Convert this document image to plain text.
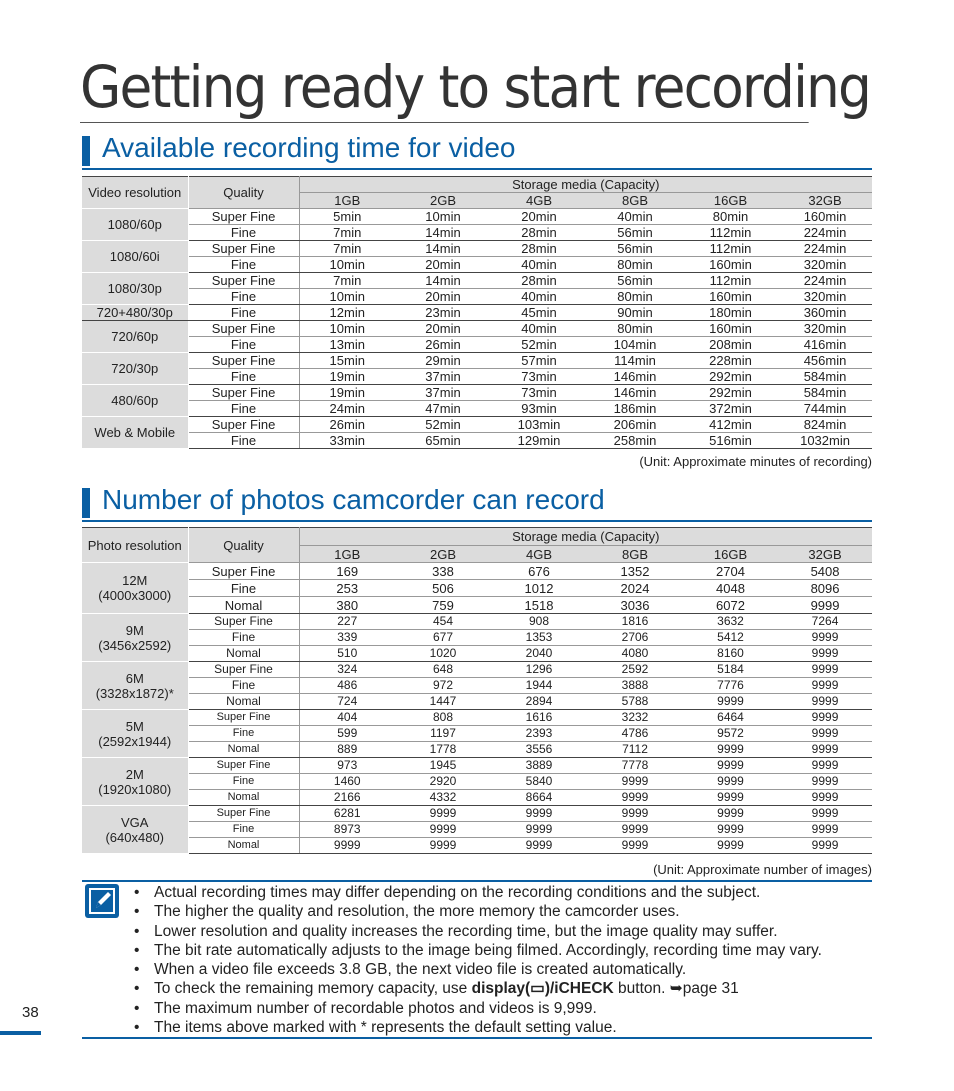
Getting ready to start recording
Available recording time for video
Video resolution	Quality	Storage media (Capacity)					
		1GB	2GB	4GB	8GB	16GB	32GB

1080/60p	Super Fine	5min	10min	20min	40min	80min	160min
	Fine	7min	14min	28min	56min	112min	224min

1080/60i	Super Fine	7min	14min	28min	56min	112min	224min
	Fine	10min	20min	40min	80min	160min	320min

1080/30p	Super Fine	7min	14min	28min	56min	112min	224min
	Fine	10min	20min	40min	80min	160min	320min

720+480/30p	Fine	12min	23min	45min	90min	180min	360min

720/60p	Super Fine	10min	20min	40min	80min	160min	320min
	Fine	13min	26min	52min	104min	208min	416min

720/30p	Super Fine	15min	29min	57min	114min	228min	456min
	Fine	19min	37min	73min	146min	292min	584min

480/60p	Super Fine	19min	37min	73min	146min	292min	584min
	Fine	24min	47min	93min	186min	372min	744min

Web & Mobile	Super Fine	26min	52min	103min	206min	412min	824min
	Fine	33min	65min	129min	258min	516min	1032min
(Unit: Approximate minutes of recording)
Number of photos camcorder can record
Photo resolution	Quality	Storage media (Capacity)					
		1GB	2GB	4GB	8GB	16GB	32GB

12M
(4000x3000)	Super Fine	169	338	676	1352	2704	5408
	Fine	253	506	1012	2024	4048	8096
	Nomal	380	759	1518	3036	6072	9999

9M
(3456x2592)	Super Fine	227	454	908	1816	3632	7264
	Fine	339	677	1353	2706	5412	9999
	Nomal	510	1020	2040	4080	8160	9999

6M
(3328x1872)*	Super Fine	324	648	1296	2592	5184	9999
	Fine	486	972	1944	3888	7776	9999
	Nomal	724	1447	2894	5788	9999	9999

5M
(2592x1944)	Super Fine	404	808	1616	3232	6464	9999
	Fine	599	1197	2393	4786	9572	9999
	Nomal	889	1778	3556	7112	9999	9999

2M
(1920x1080)	Super Fine	973	1945	3889	7778	9999	9999
	Fine	1460	2920	5840	9999	9999	9999
	Nomal	2166	4332	8664	9999	9999	9999

VGA
(640x480)	Super Fine	6281	9999	9999	9999	9999	9999
	Fine	8973	9999	9999	9999	9999	9999
	Nomal	9999	9999	9999	9999	9999	9999
(Unit: Approximate number of images)
• Actual recording times may differ depending on the recording conditions and the subject.
• The higher the quality and resolution, the more memory the camcorder uses.
• Lower resolution and quality increases the recording time, but the image quality may suffer.
• The bit rate automatically adjusts to the image being filmed. Accordingly, recording time may vary.
• When a video file exceeds 3.8 GB, the next video file is created automatically.
• To check the remaining memory capacity, use display(▭)/iCHECK button. ➥page 31
• The maximum number of recordable photos and videos is 9,999.
• The items above marked with * represents the default setting value.
38
